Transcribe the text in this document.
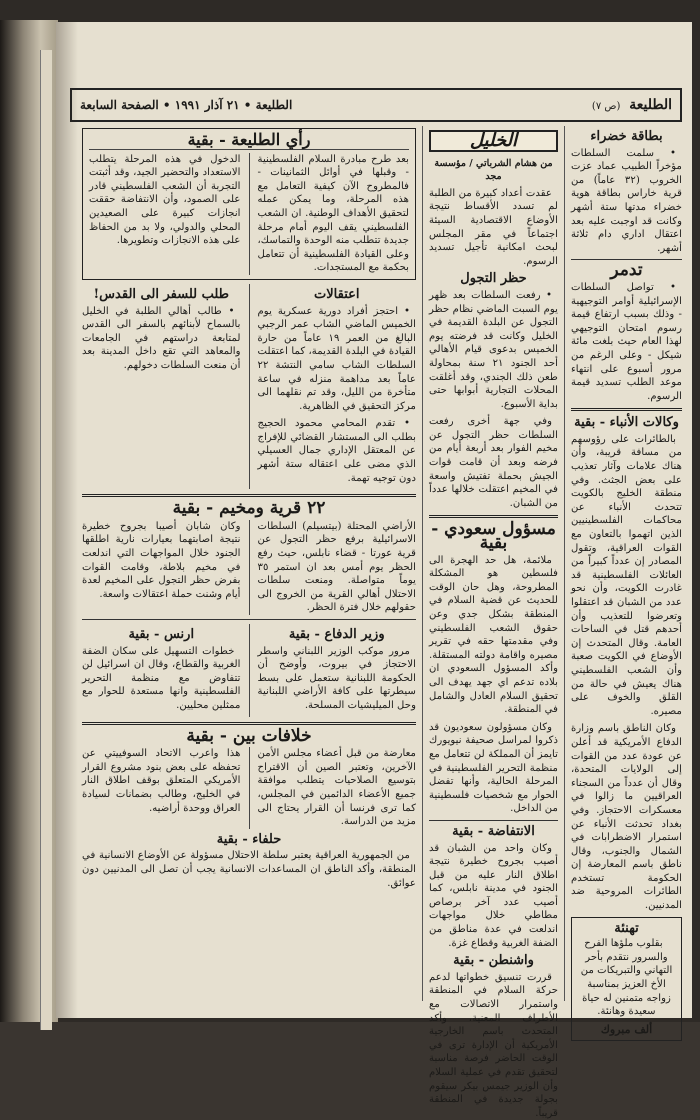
الطليعة (ص ٧)
الطليعة • ٢١ آذار ١٩٩١ • الصفحة السابعة
بطاقة خضراء
• سلمت السلطات مؤخراً الطبيب عماد عزت الخروب (٣٢ عاماً) من قرية خاراس بطاقة هوية خضراء مدتها ستة أشهر وكانت قد اوجبت عليه بعد اعتقال اداري دام ثلاثة أشهر.
تدمر
• تواصل السلطات الإسرائيلية أوامر التوجيهية - وذلك بسبب ارتفاع قيمة رسوم امتحان التوجيهي لهذا العام حيث بلغت مائة شيكل - وعلى الرغم من مرور أسبوع على انتهاء موعد الطلب تسديد قيمة الرسوم.
وكالات الأنباء - بقية
بالطائرات على رؤوسهم من مسافة قريبة، وأن هناك علامات وآثار تعذيب على بعض الجثث. وفي منطقة الخليج بالكويت تتحدث الأنباء عن محاكمات الفلسطينيين الذين اتهموا بالتعاون مع القوات العراقية، وتقول المصادر إن عدداً كبيراً من العائلات الفلسطينية قد غادرت الكويت، وأن نحو عدد من الشبان قد اعتقلوا وتعرضوا للتعذيب وأن أحدهم قتل في الساحات العامة. وقال المتحدث إن الأوضاع في الكويت صعبة وأن الشعب الفلسطيني هناك يعيش في حالة من القلق والخوف على مصيره.
وكان الناطق باسم وزارة الدفاع الأمريكية قد أعلن عن عودة عدد من القوات إلى الولايات المتحدة، وقال أن عدداً من السجناء العراقيين ما زالوا في معسكرات الاحتجاز. وفي بغداد تحدثت الأنباء عن استمرار الاضطرابات في الشمال والجنوب، وقال ناطق باسم المعارضة إن الحكومة تستخدم الطائرات المروحية ضد المدنيين.
تهنئة
بقلوب ملؤها الفرح والسرور نتقدم بأحر التهاني والتبريكات من الأخ العزيز بمناسبة زواجه متمنين له حياة سعيدة وهانئة.
ألف مبروك
الخليل
من هشام الشرباتي / مؤسسة مجد
عقدت أعداد كبيرة من الطلبة لم تسدد الأقساط نتيجة الأوضاع الاقتصادية السيئة اجتماعاً في مقر المجلس لبحث امكانية تأجيل تسديد الرسوم.
حظر التجول
• رفعت السلطات بعد ظهر يوم السبت الماضي نظام حظر التجول عن البلدة القديمة في الخليل وكانت قد فرضته يوم الخميس بدعوى قيام الأهالي أحد الجنود ٢١ سنة بمحاولة طعن ذلك الجندي، وقد أغلقت المحلات التجارية أبوابها حتى بداية الأسبوع.
وفي جهة أخرى رفعت السلطات حظر التجول عن مخيم الفوار بعد أربعة أيام من فرضه وبعد أن قامت قوات الجيش بحملة تفتيش واسعة في المخيم اعتقلت خلالها عدداً من الشبان.
مسؤول سعودي - بقية
ملائمة، هل حد الهجرة الى فلسطين هو المشكلة المطروحة، وهل حان الوقت للحديث عن قضية السلام في المنطقة بشكل جدي وعن حقوق الشعب الفلسطيني وفي مقدمتها حقه في تقرير مصيره واقامة دولته المستقلة. وأكد المسؤول السعودي ان بلاده تدعم اي جهد يهدف الى تحقيق السلام العادل والشامل في المنطقة.
وكان مسؤولون سعوديون قد ذكروا لمراسل صحيفة نيويورك تايمز أن المملكة لن تتعامل مع منظمة التحرير الفلسطينية في المرحلة الحالية، وأنها تفضل الحوار مع شخصيات فلسطينية من الداخل.
الانتفاضة - بقية
وكان واحد من الشبان قد أصيب بجروح خطيرة نتيجة اطلاق النار عليه من قبل الجنود في مدينة نابلس، كما أصيب عدد آخر برصاص مطاطي خلال مواجهات اندلعت في عدة مناطق من الضفة الغربية وقطاع غزة.
واشنطن - بقية
قررت تنسيق خطواتها لدعم حركة السلام في المنطقة واستمرار الاتصالات مع الأطراف المعنية، وأكد المتحدث باسم الخارجية الأمريكية أن الإدارة ترى في الوقت الحاضر فرصة مناسبة لتحقيق تقدم في عملية السلام وأن الوزير جيمس بيكر سيقوم بجولة جديدة في المنطقة قريباً.
رأي الطليعة - بقية
بعد طرح مبادرة السلام الفلسطينية - وقبلها في أوائل الثمانينات - فالمطروح الآن كيفية التعامل مع هذه المرحلة، وما يمكن عمله لتحقيق الأهداف الوطنية. ان الشعب الفلسطيني يقف اليوم أمام مرحلة جديدة تتطلب منه الوحدة والتماسك، وعلى القيادة الفلسطينية أن تتعامل بحكمة مع المستجدات.
الدخول في هذه المرحلة يتطلب الاستعداد والتحضير الجيد، وقد أثبتت التجربة أن الشعب الفلسطيني قادر على الصمود، وأن الانتفاضة حققت انجازات كبيرة على الصعيدين المحلي والدولي، ولا بد من الحفاظ على هذه الانجازات وتطويرها.
اعتقالات
• احتجز أفراد دورية عسكرية يوم الخميس الماضي الشاب عمر الرجبي البالغ من العمر ١٩ عاماً من حارة القيادة في البلدة القديمة، كما اعتقلت السلطات الشاب سامي النتشة ٢٢ عاماً بعد مداهمة منزله في ساعة متأخرة من الليل، وقد تم نقلهما الى مركز التحقيق في الظاهرية.
• تقدم المحامي محمود الحجيج بطلب الى المستشار القضائي للإفراج عن المعتقل الإداري جمال العسيلي الذي مضى على اعتقاله ستة أشهر دون توجيه تهمة.
طلب للسفر الى القدس!
• طالب أهالي الطلبة في الخليل بالسماح لأبنائهم بالسفر الى القدس لمتابعة دراستهم في الجامعات والمعاهد التي تقع داخل المدينة بعد أن منعت السلطات دخولهم.
٢٢ قرية ومخيم - بقية
الأراضي المحتلة (بيتسيلم) السلطات الاسرائيلية برفع حظر التجول عن قرية عورتا - قضاء نابلس، حيث رفع الحظر يوم أمس بعد ان استمر ٣٥ يوماً متواصلة. ومنعت سلطات الاحتلال أهالي القرية من الخروج الى حقولهم خلال فترة الحظر.
وكان شابان أصيبا بجروح خطيرة نتيجة اصابتهما بعيارات نارية اطلقها الجنود خلال المواجهات التي اندلعت في مخيم بلاطة، وقامت القوات بفرض حظر التجول على المخيم لعدة أيام وشنت حملة اعتقالات واسعة.
وزير الدفاع - بقية
مرور موكب الوزير اللبناني واسطر الاحتجاز في بيروت، وأوضح أن الحكومة اللبنانية ستعمل على بسط سيطرتها على كافة الأراضي اللبنانية وحل الميليشيات المسلحة.
ارنس - بقية
خطوات التسهيل على سكان الضفة الغربية والقطاع، وقال ان اسرائيل لن تتفاوض مع منظمة التحرير الفلسطينية وانها مستعدة للحوار مع ممثلين محليين.
خلافات بين - بقية
معارضة من قبل أعضاء مجلس الأمن الآخرين، وتعتبر الصين أن الاقتراح بتوسيع الصلاحيات يتطلب موافقة جميع الأعضاء الدائمين في المجلس، كما ترى فرنسا أن القرار يحتاج الى مزيد من الدراسة.
هذا واعرب الاتحاد السوفييتي عن تحفظه على بعض بنود مشروع القرار الأمريكي المتعلق بوقف اطلاق النار في الخليج، وطالب بضمانات لسيادة العراق ووحدة أراضيه.
حلفاء - بقية
من الجمهورية العراقية يعتبر سلطة الاحتلال مسؤولة عن الأوضاع الانسانية في المنطقة، وأكد الناطق ان المساعدات الانسانية يجب أن تصل الى المدنيين دون عوائق.
